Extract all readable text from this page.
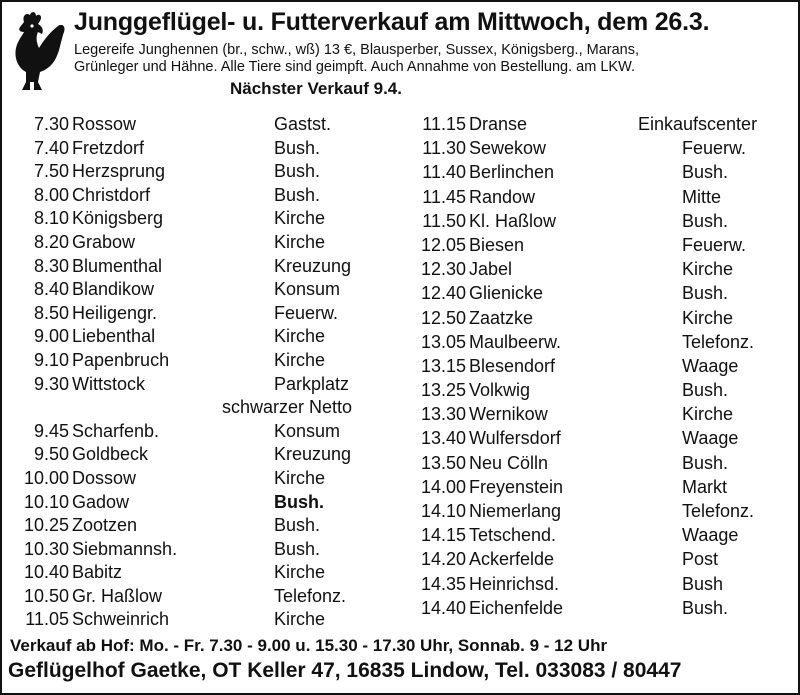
Junggeflügel- u. Futterverkauf am Mittwoch, dem 26.3.
Legereife Junghennen (br., schw., wß) 13 €, Blausperber, Sussex, Königsberg., Marans,
Grünleger und Hähne. Alle Tiere sind geimpft. Auch Annahme von Bestellung. am LKW.
Nächster Verkauf 9.4.
7.30 Rossow	Gastst.
7.40 Fretzdorf	Bush.
7.50 Herzsprung	Bush.
8.00 Christdorf	Bush.
8.10 Königsberg	Kirche
8.20 Grabow	Kirche
8.30 Blumenthal	Kreuzung
8.40 Blandikow	Konsum
8.50 Heiligengr.	Feuerw.
9.00 Liebenthal	Kirche
9.10 Papenbruch	Kirche
9.30 Wittstock	Parkplatz
schwarzer Netto
9.45 Scharfenb.	Konsum
9.50 Goldbeck	Kreuzung
10.00 Dossow	Kirche
10.10 Gadow	Bush.
10.25 Zootzen	Bush.
10.30 Siebmannsh.	Bush.
10.40 Babitz	Kirche
10.50 Gr. Haßlow	Telefonz.
11.05 Schweinrich	Kirche
11.15 Dranse	Einkaufscenter
11.30 Sewekow	Feuerw.
11.40 Berlinchen	Bush.
11.45 Randow	Mitte
11.50 Kl. Haßlow	Bush.
12.05 Biesen	Feuerw.
12.30 Jabel	Kirche
12.40 Glienicke	Bush.
12.50 Zaatzke	Kirche
13.05 Maulbeerw.	Telefonz.
13.15 Blesendorf	Waage
13.25 Volkwig	Bush.
13.30 Wernikow	Kirche
13.40 Wulfersdorf	Waage
13.50 Neu Cölln	Bush.
14.00 Freyenstein	Markt
14.10 Niemerlang	Telefonz.
14.15 Tetschend.	Waage
14.20 Ackerfelde	Post
14.35 Heinrichsd.	Bush
14.40 Eichenfelde	Bush.
Verkauf ab Hof: Mo. - Fr. 7.30 - 9.00 u. 15.30 - 17.30 Uhr, Sonnab. 9 - 12 Uhr
Geflügelhof Gaetke, OT Keller 47, 16835 Lindow, Tel. 033083 / 80447
